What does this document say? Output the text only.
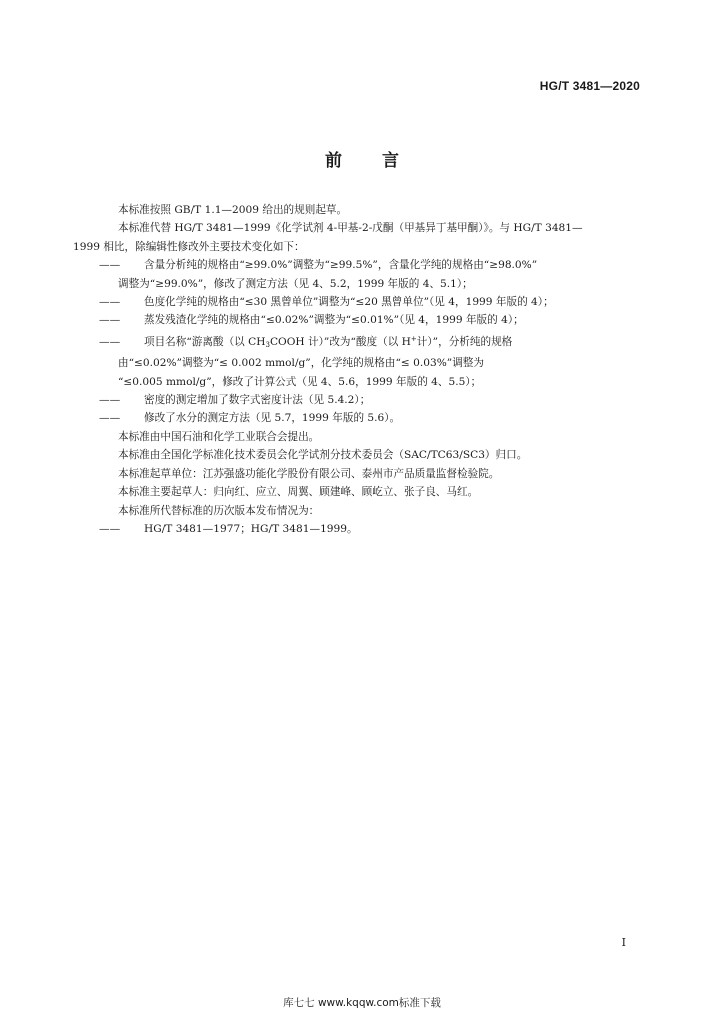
HG/T 3481—2020
前 言

本标准按照 GB/T 1.1—2009 给出的规则起草。

本标准代替 HG/T 3481—1999《化学试剂 4-甲基-2-戊酮（甲基异丁基甲酮）》。与 HG/T 3481—

1999 相比，除编辑性修改外主要技术变化如下：

—— 含量分析纯的规格由“≥99.0%”调整为“≥99.5%”，含量化学纯的规格由“≥98.0%”

调整为“≥99.0%”，修改了测定方法（见 4、5.2，1999 年版的 4、5.1）；

—— 色度化学纯的规格由“≤30 黑曾单位”调整为“≤20 黑曾单位”（见 4，1999 年版的 4）；

—— 蒸发残渣化学纯的规格由“≤0.02%”调整为“≤0.01%”（见 4，1999 年版的 4）；

—— 项目名称“游离酸（以 $CH_3COOH$ 计）”改为“酸度（以 H+计）”，分析纯的规格

由“≤0.02%”调整为“≤ 0.002 mmol/g”，化学纯的规格由“≤ 0.03%”调整为

“≤0.005 mmol/g”，修改了计算公式（见 4、5.6，1999 年版的 4、5.5）；

—— 密度的测定增加了数字式密度计法（见 5.4.2）；

—— 修改了水分的测定方法（见 5.7，1999 年版的 5.6）。

本标准由中国石油和化学工业联合会提出。

本标准由全国化学标准化技术委员会化学试剂分技术委员会（SAC/TC63/SC3）归口。

本标准起草单位：江苏强盛功能化学股份有限公司、泰州市产品质量监督检验院。

本标准主要起草人：归向红、应立、周翼、顾建峰、顾屹立、张子良、马红。

本标准所代替标准的历次版本发布情况为：

—— HG/T 3481—1977；HG/T 3481—1999。

I
库七七 www.kqqw.com标准下载
